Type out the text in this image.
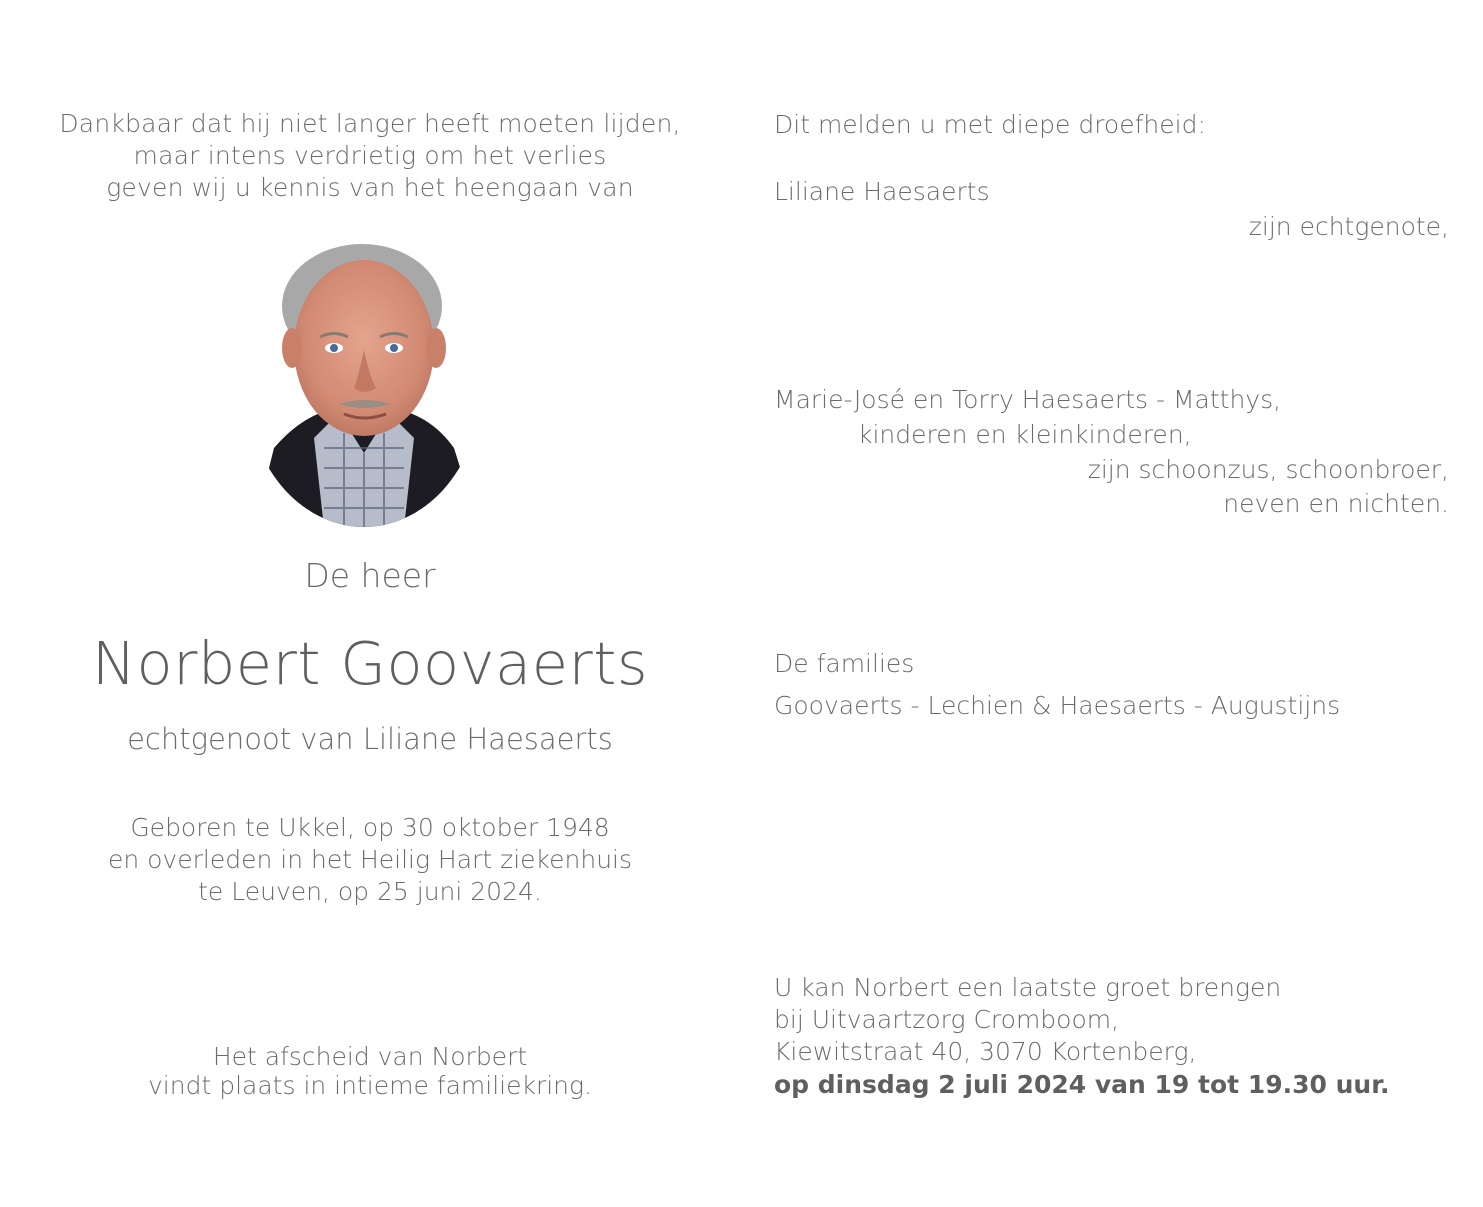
Dankbaar dat hij niet langer heeft moeten lijden,
maar intens verdrietig om het verlies
geven wij u kennis van het heengaan van
De heer
Norbert Goovaerts
echtgenoot van Liliane Haesaerts
Geboren te Ukkel, op 30 oktober 1948
en overleden in het Heilig Hart ziekenhuis
te Leuven, op 25 juni 2024.
Het afscheid van Norbert
vindt plaats in intieme familiekring.
Dit melden u met diepe droefheid:
Liliane Haesaerts
zijn echtgenote,
Marie-José en Torry Haesaerts - Matthys,
kinderen en kleinkinderen,
zijn schoonzus, schoonbroer,
neven en nichten.
De families
Goovaerts - Lechien & Haesaerts - Augustijns
U kan Norbert een laatste groet brengen
bij Uitvaartzorg Cromboom,
Kiewitstraat 40, 3070 Kortenberg,
op dinsdag 2 juli 2024 van 19 tot 19.30 uur.
